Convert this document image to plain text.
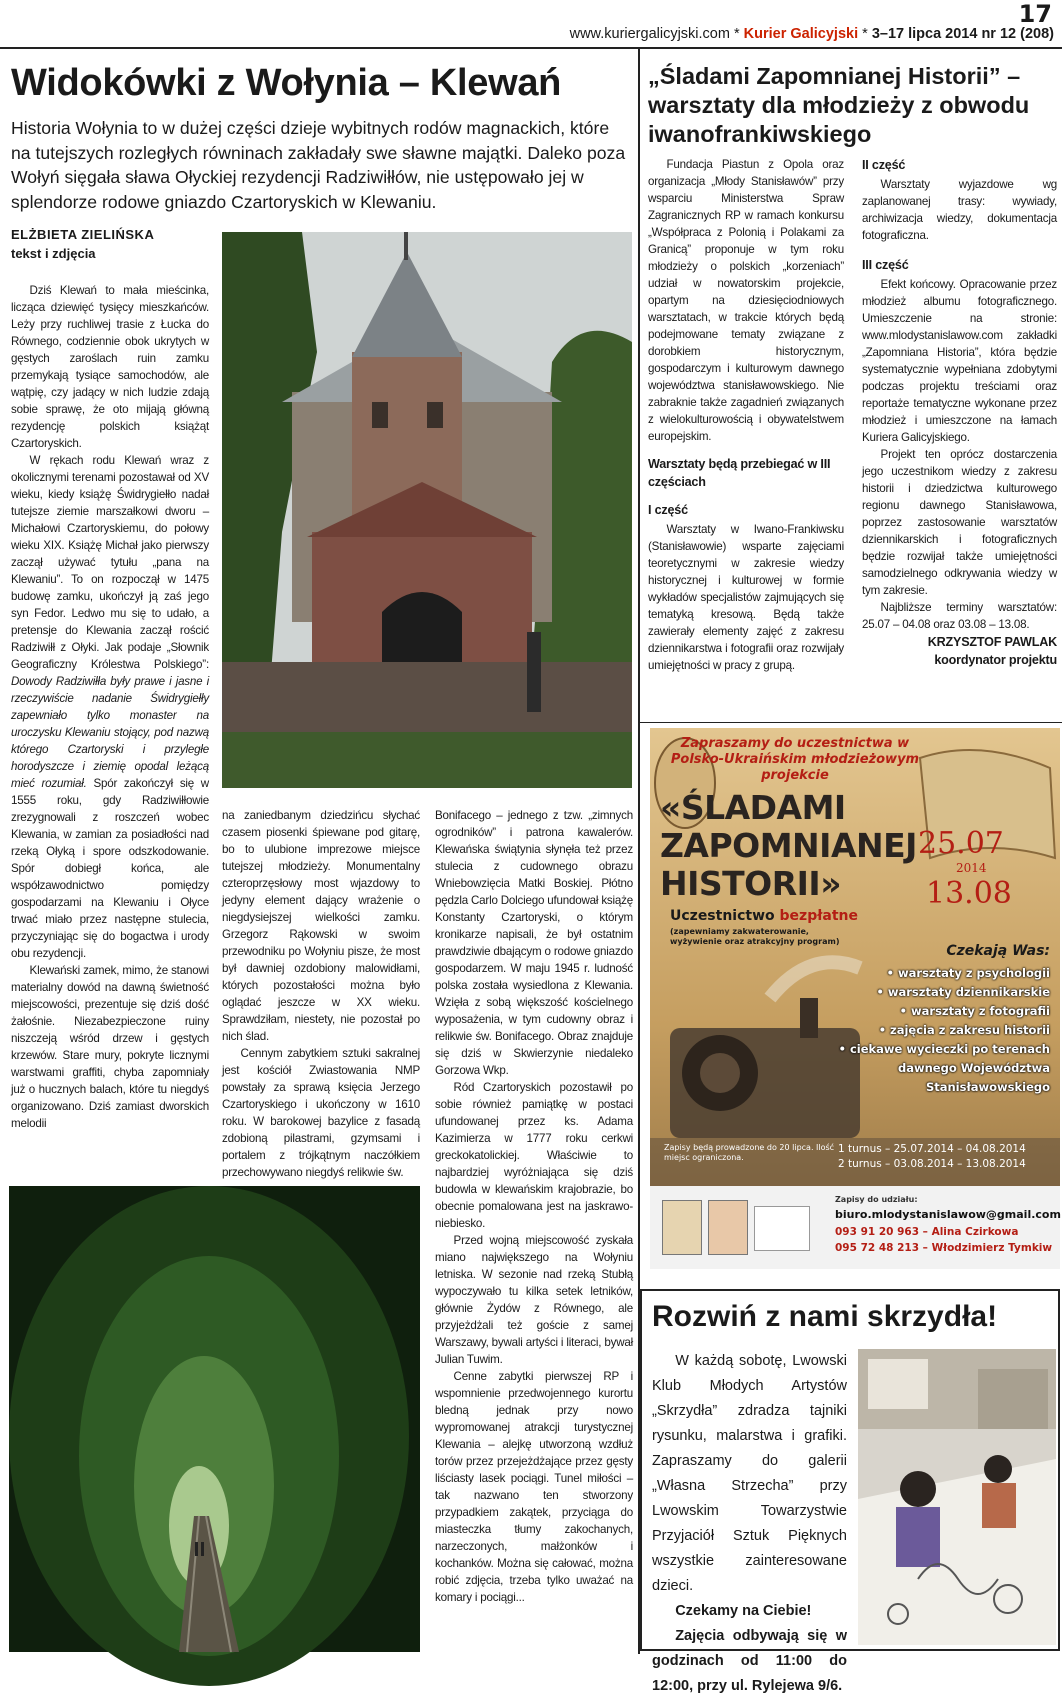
17
www.kuriergalicyjski.com * Kurier Galicyjski * 3–17 lipca 2014 nr 12 (208)
Widokówki z Wołynia – Klewań

Historia Wołynia to w dużej części dzieje wybitnych rodów magnackich, które na tutejszych rozległych równinach zakładały swe sławne majątki. Daleko poza Wołyń sięgała sława Ołyckiej rezydencji Radziwiłłów, nie ustępowało jej w splendorze rodowe gniazdo Czartoryskich w Klewaniu.

ELŻBIETA ZIELIŃSKA
tekst i zdjęcia

Dziś Klewań to mała mieścinka, licząca dziewięć tysięcy mieszkańców. Leży przy ruchliwej trasie z Łucka do Równego, codziennie obok ukrytych w gęstych zaroślach ruin zamku przemykają tysiące samochodów, ale wątpię, czy jadący w nich ludzie zdają sobie sprawę, że oto mijają główną rezydencję polskich książąt Czartoryskich.

W rękach rodu Klewań wraz z okolicznymi terenami pozostawał od XV wieku, kiedy książę Świdrygiełło nadał tutejsze ziemie marszałkowi dworu – Michałowi Czartoryskiemu, do połowy wieku XIX. Książę Michał jako pierwszy zaczął używać tytułu „pana na Klewaniu”. To on rozpoczął w 1475 budowę zamku, ukończył ją zaś jego syn Fedor. Ledwo mu się to udało, a pretensje do Klewania zaczął rościć Radziwiłł z Ołyki. Jak podaje „Słownik Geograficzny Królestwa Polskiego”: Dowody Radziwiłła były prawe i jasne i rzeczywiście nadanie Świdrygiełły zapewniało tylko monaster na uroczysku Klewaniu stojący, pod nazwą którego Czartoryski i przyległe horodyszcze i ziemię opodal leżącą mieć rozumiał. Spór zakończył się w 1555 roku, gdy Radziwiłłowie zrezygnowali z roszczeń wobec Klewania, w zamian za posiadłości nad rzeką Ołyką i spore odszkodowanie. Spór dobiegł końca, ale współzawodnictwo pomiędzy gospodarzami na Klewaniu i Ołyce trwać miało przez następne stulecia, przyczyniając się do bogactwa i urody obu rezydencji.

Klewański zamek, mimo, że stanowi materialny dowód na dawną świetność miejscowości, prezentuje się dziś dość żałośnie. Niezabezpieczone ruiny niszczeją wśród drzew i gęstych krzewów. Stare mury, pokryte licznymi warstwami graffiti, chyba zapomniały już o hucznych balach, które tu niegdyś organizowano. Dziś zamiast dworskich melodii

na zaniedbanym dziedzińcu słychać czasem piosenki śpiewane pod gitarę, bo to ulubione imprezowe miejsce tutejszej młodzieży. Monumentalny czteroprzęsłowy most wjazdowy to jedyny element dający wrażenie o niegdysiejszej wielkości zamku. Grzegorz Rąkowski w swoim przewodniku po Wołyniu pisze, że most był dawniej ozdobiony malowidłami, których pozostałości można było oglądać jeszcze w XX wieku. Sprawdziłam, niestety, nie pozostał po nich ślad.

Cennym zabytkiem sztuki sakralnej jest kościół Zwiastowania NMP powstały za sprawą księcia Jerzego Czartoryskiego i ukończony w 1610 roku. W barokowej bazylice z fasadą zdobioną pilastrami, gzymsami i portalem z trójkątnym naczółkiem przechowywano niegdyś relikwie św.

Bonifacego – jednego z tzw. „zimnych ogrodników” i patrona kawalerów. Klewańska świątynia słynęła też przez stulecia z cudownego obrazu Wniebowzięcia Matki Boskiej. Płótno pędzla Carlo Dolciego ufundował książę Konstanty Czartoryski, o którym kronikarze napisali, że był ostatnim prawdziwie dbającym o rodowe gniazdo gospodarzem. W maju 1945 r. ludność polska została wysiedlona z Klewania. Wzięła z sobą większość kościelnego wyposażenia, w tym cudowny obraz i relikwie św. Bonifacego. Obraz znajduje się dziś w Skwierzynie niedaleko Gorzowa Wkp.

Ród Czartoryskich pozostawił po sobie również pamiątkę w postaci ufundowanej przez ks. Adama Kazimierza w 1777 roku cerkwi greckokatolickiej. Właściwie to najbardziej wyróżniająca się dziś budowla w klewańskim krajobrazie, bo obecnie pomalowana jest na jaskrawo-niebiesko.

Przed wojną miejscowość zyskała miano największego na Wołyniu letniska. W sezonie nad rzeką Stubłą wypoczywało tu kilka setek letników, głównie Żydów z Równego, ale przyjeżdżali też goście z samej Warszawy, bywali artyści i literaci, bywał Julian Tuwim.

Cenne zabytki pierwszej RP i wspomnienie przedwojennego kurortu bledną jednak przy nowo wypromowanej atrakcji turystycznej Klewania – alejkę utworzoną wzdłuż torów przez przejeżdżające przez gęsty liściasty lasek pociągi. Tunel miłości – tak nazwano ten stworzony przypadkiem zakątek, przyciąga do miasteczka tłumy zakochanych, narzeczonych, małżonków i kochanków. Można się całować, można robić zdjęcia, trzeba tylko uważać na komary i pociągi...

„Śladami Zapomnianej Historii” – warsztaty dla młodzieży z obwodu iwanofrankiwskiego

Fundacja Piastun z Opola oraz organizacja „Młody Stanisławów” przy wsparciu Ministerstwa Spraw Zagranicznych RP w ramach konkursu „Współpraca z Polonią i Polakami za Granicą” proponuje w tym roku młodzieży o polskich „korzeniach” udział w nowatorskim projekcie, opartym na dziesięciodniowych warsztatach, w trakcie których będą podejmowane tematy związane z dorobkiem historycznym, gospodarczym i kulturowym dawnego województwa stanisławowskiego. Nie zabraknie także zagadnień związanych z wielokulturowością i obywatelstwem europejskim.

Warsztaty będą przebiegać w III częściach

I część

Warsztaty w Iwano-Frankiwsku (Stanisławowie) wsparte zajęciami teoretycznymi w zakresie wiedzy historycznej i kulturowej w formie wykładów specjalistów zajmujących się tematyką kresową. Będą także zawierały elementy zajęć z zakresu dziennikarstwa i fotografii oraz rozwijały umiejętności w pracy z grupą.

II część

Warsztaty wyjazdowe wg zaplanowanej trasy: wywiady, archiwizacja wiedzy, dokumentacja fotograficzna.

III część

Efekt końcowy. Opracowanie przez młodzież albumu fotograficznego. Umieszczenie na stronie: www.mlodystanislawow.com zakładki „Zapomniana Historia”, która będzie systematycznie wypełniana zdobytymi podczas projektu treściami oraz reportaże tematyczne wykonane przez młodzież i umieszczone na łamach Kuriera Galicyjskiego.

Projekt ten oprócz dostarczenia jego uczestnikom wiedzy z zakresu historii i dziedzictwa kulturowego regionu dawnego Stanisławowa, poprzez zastosowanie warsztatów dziennikarskich i fotograficznych będzie rozwijał także umiejętności samodzielnego odkrywania wiedzy w tym zakresie.

Najbliższe terminy warsztatów: 25.07 – 04.08 oraz 03.08 – 13.08.

KRZYSZTOF PAWLAK

koordynator projektu

Zapraszamy do uczestnictwa w Polsko-Ukraińskim młodzieżowym projekcie
«ŚLADAMI
ZAPOMNIANEJ
HISTORII»
Uczestnictwo bezpłatne
(zapewniamy zakwaterowanie, wyżywienie oraz atrakcyjny program)
25.07
2014
13.08
Czekają Was:
• warsztaty z psychologii
• warsztaty dziennikarskie
• warsztaty z fotografii
• zajęcia z zakresu historii
• ciekawe wycieczki po terenach
dawnego Województwa
Stanisławowskiego
Zapisy będą prowadzone do 20 lipca. Ilość miejsc ograniczona.
1 turnus – 25.07.2014 – 04.08.2014
2 turnus – 03.08.2014 – 13.08.2014
Zapisy do udziału:
biuro.mlodystanislawow@gmail.com
093 91 20 963 – Alina Czirkowa
095 72 48 213 – Włodzimierz Tymkiw
Rozwiń z nami skrzydła!

W każdą sobotę, Lwowski Klub Młodych Artystów „Skrzydła” zdradza tajniki rysunku, malarstwa i grafiki. Zapraszamy do galerii „Własna Strzecha” przy Lwowskim Towarzystwie Przyjaciół Sztuk Pięknych wszystkie zainteresowane dzieci.

Czekamy na Ciebie!

Zajęcia odbywają się w godzinach od 11:00 do 12:00, przy ul. Rylejewa 9/6.
